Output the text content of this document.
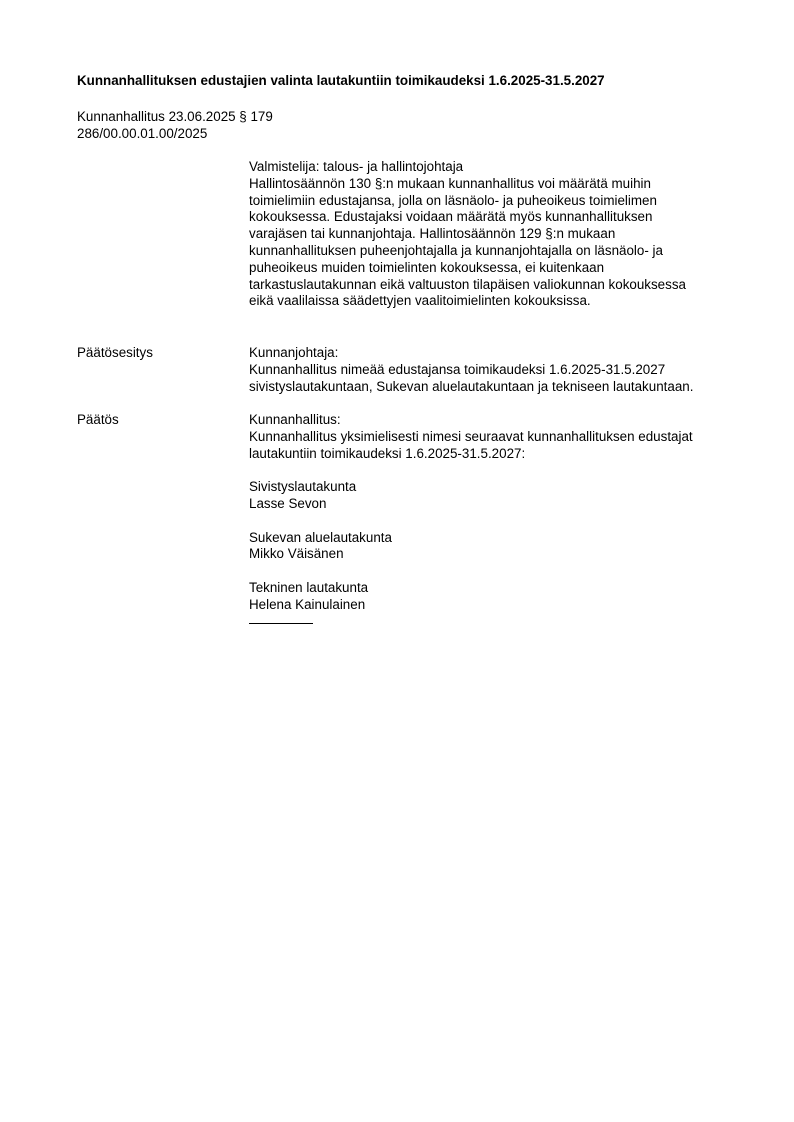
Kunnanhallituksen edustajien valinta lautakuntiin toimikaudeksi 1.6.2025-31.5.2027
Kunnanhallitus 23.06.2025 § 179
286/00.00.01.00/2025

Valmistelija: talous- ja hallintojohtaja

Hallintosäännön 130 §:n mukaan kunnanhallitus voi määrätä muihin

toimielimiin edustajansa, jolla on läsnäolo- ja puheoikeus toimielimen

kokouksessa. Edustajaksi voidaan määrätä myös kunnanhallituksen

varajäsen tai kunnanjohtaja. Hallintosäännön 129 §:n mukaan

kunnanhallituksen puheenjohtajalla ja kunnanjohtajalla on läsnäolo- ja

puheoikeus muiden toimielinten kokouksessa, ei kuitenkaan

tarkastuslautakunnan eikä valtuuston tilapäisen valiokunnan kokouksessa

eikä vaalilaissa säädettyjen vaalitoimielinten kokouksissa.

Päätösesitys	Kunnanjohtaja:

Kunnanhallitus nimeää edustajansa toimikaudeksi 1.6.2025-31.5.2027

sivistyslautakuntaan, Sukevan aluelautakuntaan ja tekniseen lautakuntaan.

Päätös	Kunnanhallitus:

Kunnanhallitus yksimielisesti nimesi seuraavat kunnanhallituksen edustajat

lautakuntiin toimikaudeksi 1.6.2025-31.5.2027:

Sivistyslautakunta

Lasse Sevon

Sukevan aluelautakunta

Mikko Väisänen

Tekninen lautakunta

Helena Kainulainen
